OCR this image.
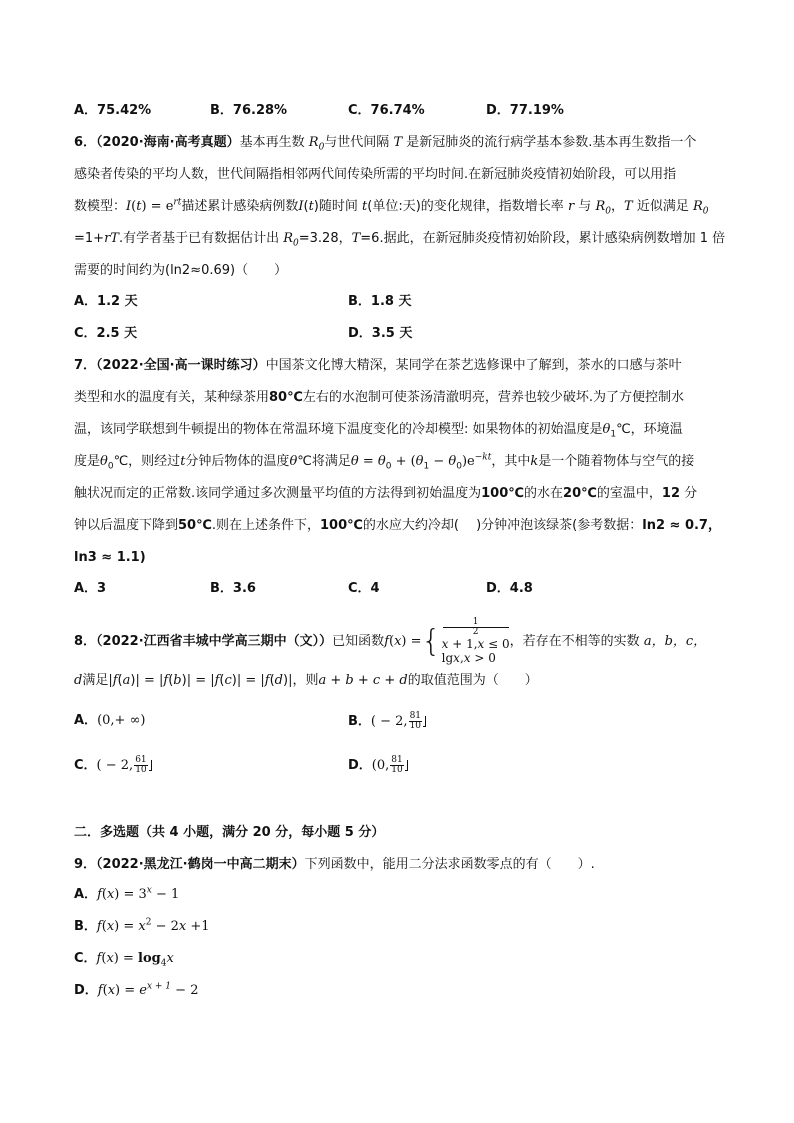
A．75.42%	B．76.28%	C．76.74%	D．77.19%
6．（2020·海南·高考真题）基本再生数 $R_0$与世代间隔 T 是新冠肺炎的流行病学基本参数.基本再生数指一个
感染者传染的平均人数，世代间隔指相邻两代间传染所需的平均时间.在新冠肺炎疫情初始阶段，可以用指
数模型：$I(t) = e^{rt}$描述累计感染病例数I(t)随时间 t(单位:天)的变化规律，指数增长率 r 与 $R_0$，T 近似满足 $R_0$
=1+rT.有学者基于已有数据估计出 $R_0=3.28$，T=6.据此，在新冠肺炎疫情初始阶段，累计感染病例数增加 1 倍
需要的时间约为(ln2≈0.69)（　　）
A．1.2 天	B．1.8 天
C．2.5 天	D．3.5 天
7．（2022·全国·高一课时练习）中国茶文化博大精深，某同学在茶艺选修课中了解到，茶水的口感与茶叶
类型和水的温度有关，某种绿茶用80℃左右的水泡制可使茶汤清澈明亮，营养也较少破坏.为了方便控制水
温，该同学联想到牛顿提出的物体在常温环境下温度变化的冷却模型: 如果物体的初始温度是$\theta_1℃$，环境温
度是$\theta_0℃$，则经过t分钟后物体的温度θ℃将满足$\theta = \theta_0 + (\theta_1 - \theta_0)e^{-kt}$，其中k是一个随着物体与空气的接
触状况而定的正常数.该同学通过多次测量平均值的方法得到初始温度为100℃的水在20℃的室温中，12 分
钟以后温度下降到50℃.则在上述条件下，100℃的水应大约冷却(　 )分钟冲泡该绿茶(参考数据：ln2 ≈ 0.7，
ln3 ≈ 1.1)
A．3	B．3.6	C．4	D．4.8
8．（2022·江西省丰城中学高三期中（文））已知函数f(x) ={
1
2
x + 1,x ≤ 0
lgx,x > 0
，若存在不相等的实数 a，b，c，
d满足|f(a)| = |f(b)| = |f(c)| = |f(d)|，则a + b + c + d的取值范围为（　　）
A．(0,+ ∞)	B．( − 2, $\frac{81}{10}$
C．( − 2, $\frac{61}{10}$	D．(0, $\frac{81}{10}$
二．多选题（共 4 小题，满分 20 分，每小题 5 分）
9．（2022·黑龙江·鹤岗一中高二期末）下列函数中，能用二分法求函数零点的有（　　）.
A．$f(x) = 3^x - 1$
B．$f(x) = x^2 - 2x +1$
C．$f(x) = \log_4x$
D．$f(x) = e^{x + 1} - 2$
